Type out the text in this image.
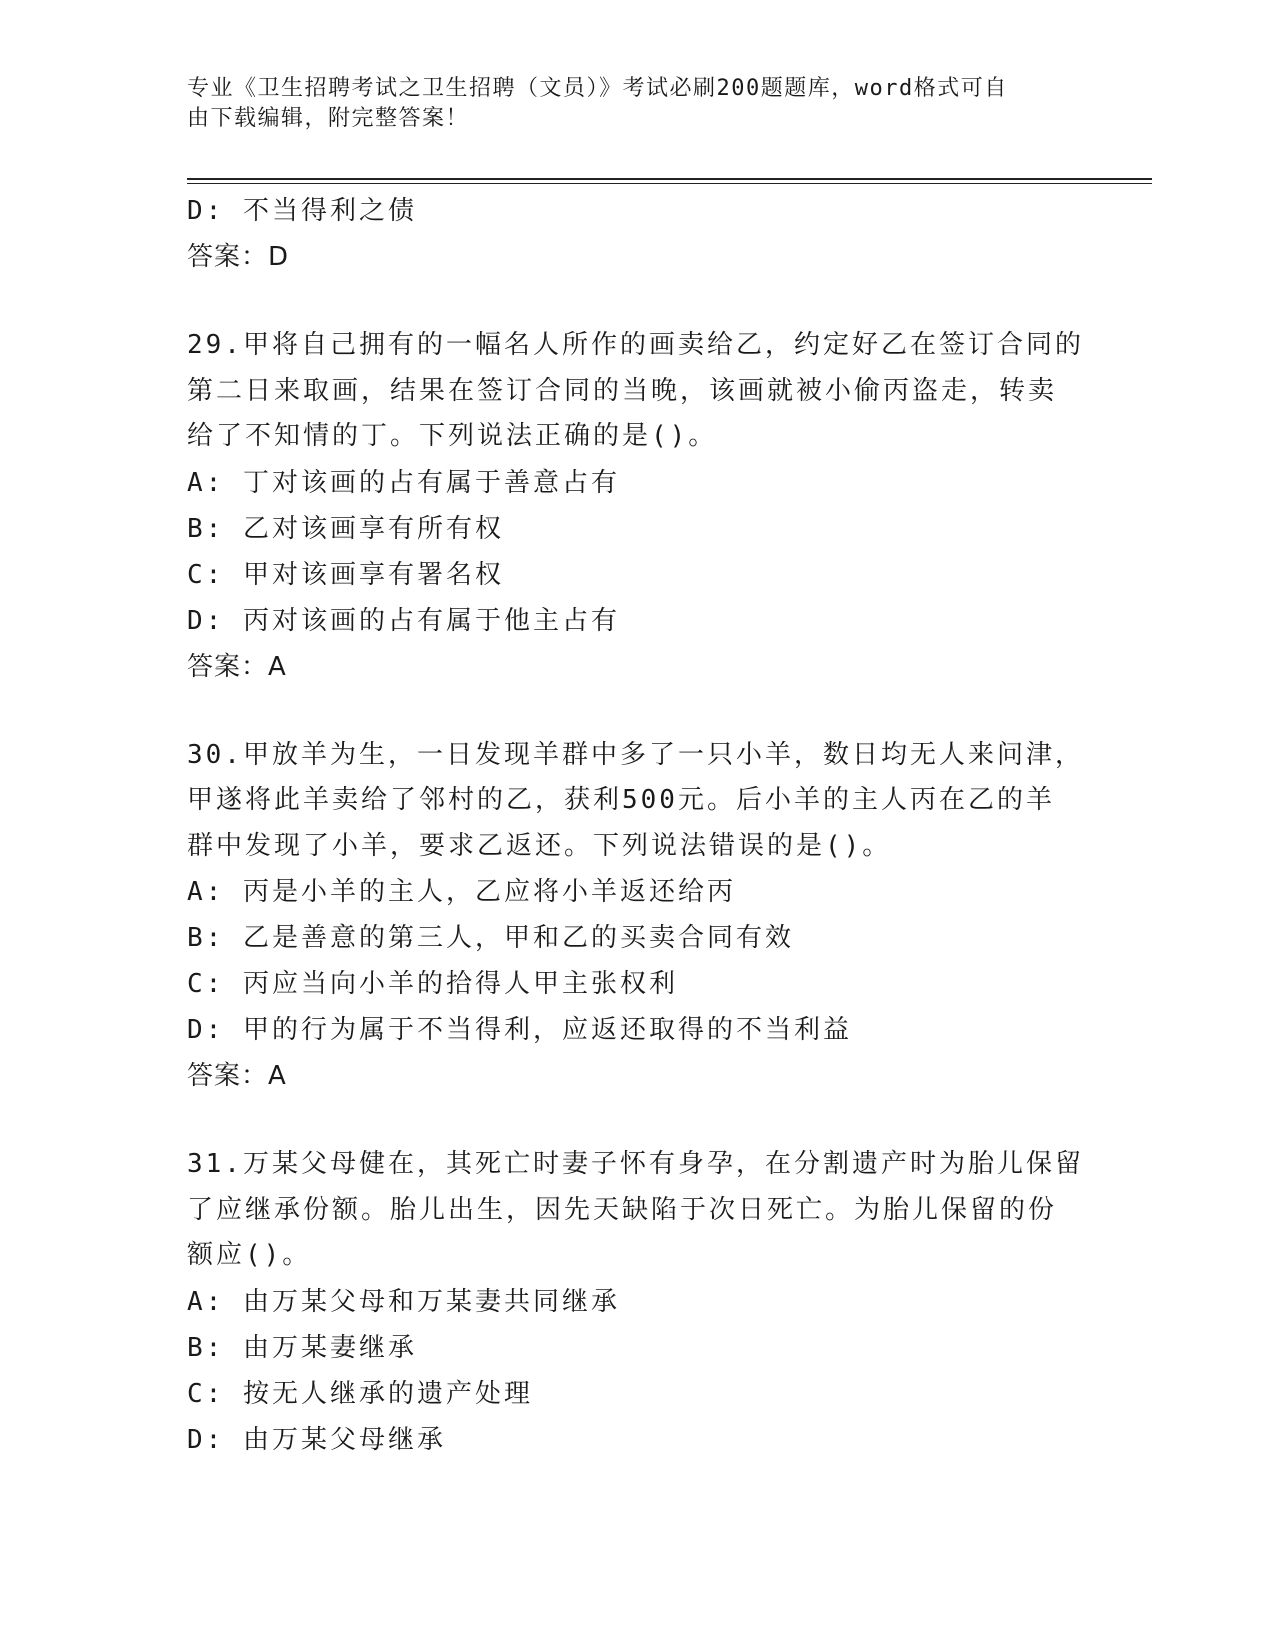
专业《卫生招聘考试之卫生招聘（文员）》考试必刷200题题库，word格式可自
由下载编辑，附完整答案！
D: 不当得利之债
答案：D
29.甲将自己拥有的一幅名人所作的画卖给乙，约定好乙在签订合同的
第二日来取画，结果在签订合同的当晚，该画就被小偷丙盗走，转卖
给了不知情的丁。下列说法正确的是()。
A: 丁对该画的占有属于善意占有
B: 乙对该画享有所有权
C: 甲对该画享有署名权
D: 丙对该画的占有属于他主占有
答案：A
30.甲放羊为生，一日发现羊群中多了一只小羊，数日均无人来问津，
甲遂将此羊卖给了邻村的乙，获利500元。后小羊的主人丙在乙的羊
群中发现了小羊，要求乙返还。下列说法错误的是()。
A: 丙是小羊的主人，乙应将小羊返还给丙
B: 乙是善意的第三人，甲和乙的买卖合同有效
C: 丙应当向小羊的拾得人甲主张权利
D: 甲的行为属于不当得利，应返还取得的不当利益
答案：A
31.万某父母健在，其死亡时妻子怀有身孕，在分割遗产时为胎儿保留
了应继承份额。胎儿出生，因先天缺陷于次日死亡。为胎儿保留的份
额应()。
A: 由万某父母和万某妻共同继承
B: 由万某妻继承
C: 按无人继承的遗产处理
D: 由万某父母继承
